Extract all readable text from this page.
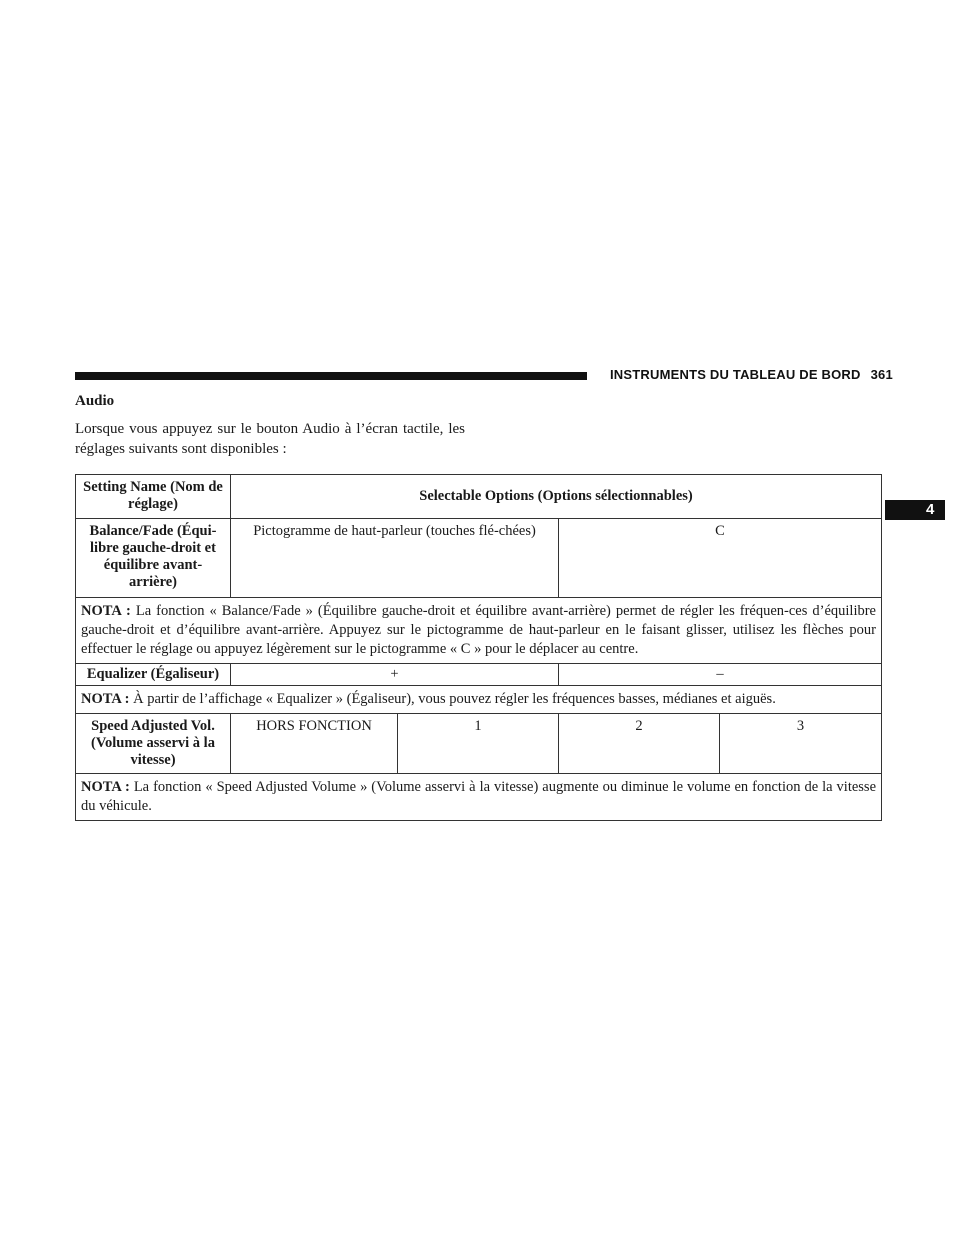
INSTRUMENTS DU TABLEAU DE BORD 361
4
Audio
Lorsque vous appuyez sur le bouton Audio à l’écran tactile, les réglages suivants sont disponibles :
Setting Name (Nom de réglage)	Selectable Options (Options sélectionnables)			
Balance/Fade (Équi-libre gauche-droit et équilibre avant-arrière)	Pictogramme de haut-parleur (touches flé-chées)		C	
NOTA : La fonction « Balance/Fade » (Équilibre gauche-droit et équilibre avant-arrière) permet de régler les fréquen-ces d’équilibre gauche-droit et d’équilibre avant-arrière. Appuyez sur le pictogramme de haut-parleur en le faisant glisser, utilisez les flèches pour effectuer le réglage ou appuyez légèrement sur le pictogramme « C » pour le déplacer au centre.				
Equalizer (Égaliseur)	+		–	
NOTA : À partir de l’affichage « Equalizer » (Égaliseur), vous pouvez régler les fréquences basses, médianes et aiguës.				
Speed Adjusted Vol. (Volume asservi à la vitesse)	HORS FONCTION	1	2	3
NOTA : La fonction « Speed Adjusted Volume » (Volume asservi à la vitesse) augmente ou diminue le volume en fonction de la vitesse du véhicule.				
